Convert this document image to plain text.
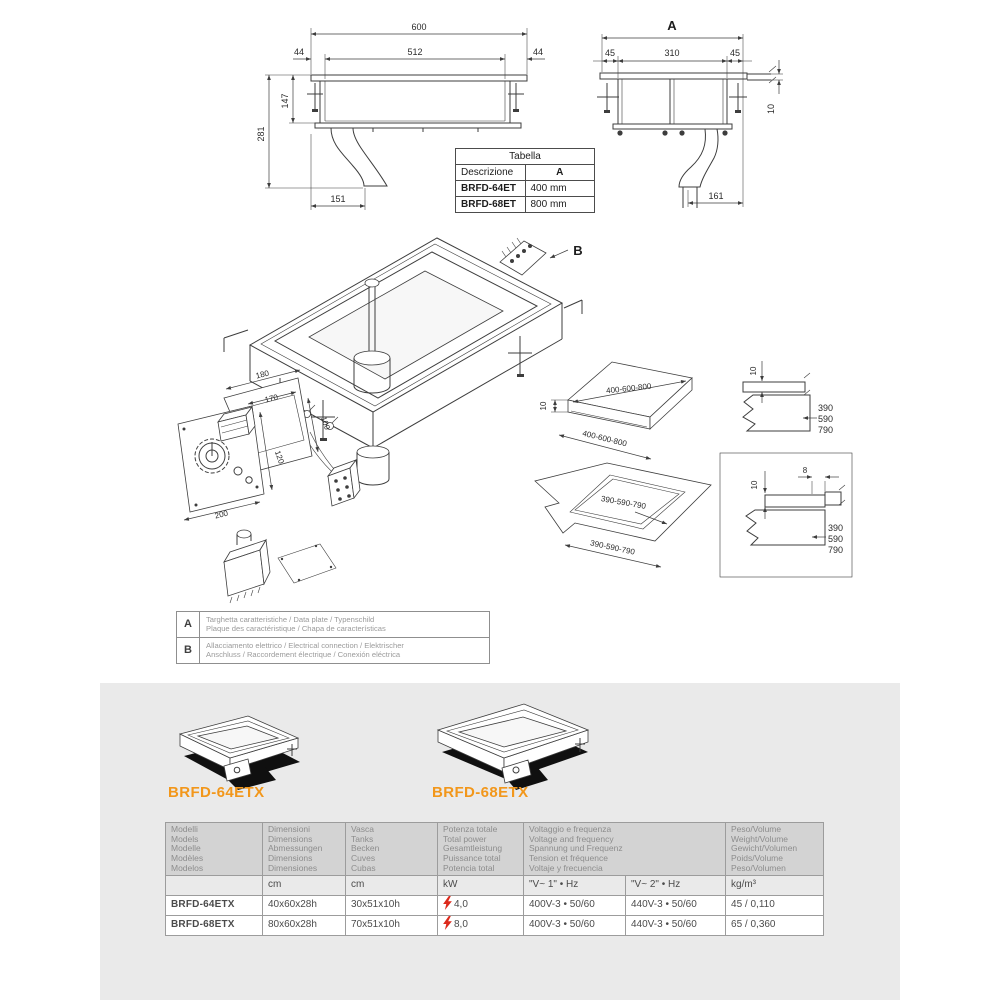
600
512
44	44
281
147
151
A
45	310	45
10
161
Tabella	
Descrizione	A
BRFD-64ET	400 mm
BRFD-68ET	800 mm
B
180
170
100
200
120
400-600-800
400-600-800
10
10
390
590
790
390-590-790
390-590-790
8
10
390
590
790
A	Targhetta caratteristiche / Data plate / Typenschild
Plaque des caractéristique / Chapa de características

B	Allacciamento elettrico / Electrical connection / Elektrischer
Anschluss / Raccordement électrique / Conexión eléctrica
BRFD-64ETX	BRFD-68ETX
Modelli
Models
Modelle
Modèles
Modelos

Dimensioni
Dimensions
Abmessungen
Dimensions
Dimensiones

Vasca
Tanks
Becken
Cuves
Cubas

Potenza totale
Total power
Gesamtleistung
Puissance total
Potencia total

Voltaggio e frequenza
Voltage and frequency
Spannung und Frequenz
Tension et fréquence
Voltaje y frecuencia

Peso/Volume
Weight/Volume
Gewicht/Volumen
Poids/Volume
Peso/Volumen

	cm	cm	kW	"V~ 1" • Hz	"V~ 2" • Hz	kg/m³
BRFD-64ETX	40x60x28h	30x51x10h	4,0	400V-3 • 50/60	440V-3 • 50/60	45 / 0,110
BRFD-68ETX	80x60x28h	70x51x10h	8,0	400V-3 • 50/60	440V-3 • 50/60	65 / 0,360
